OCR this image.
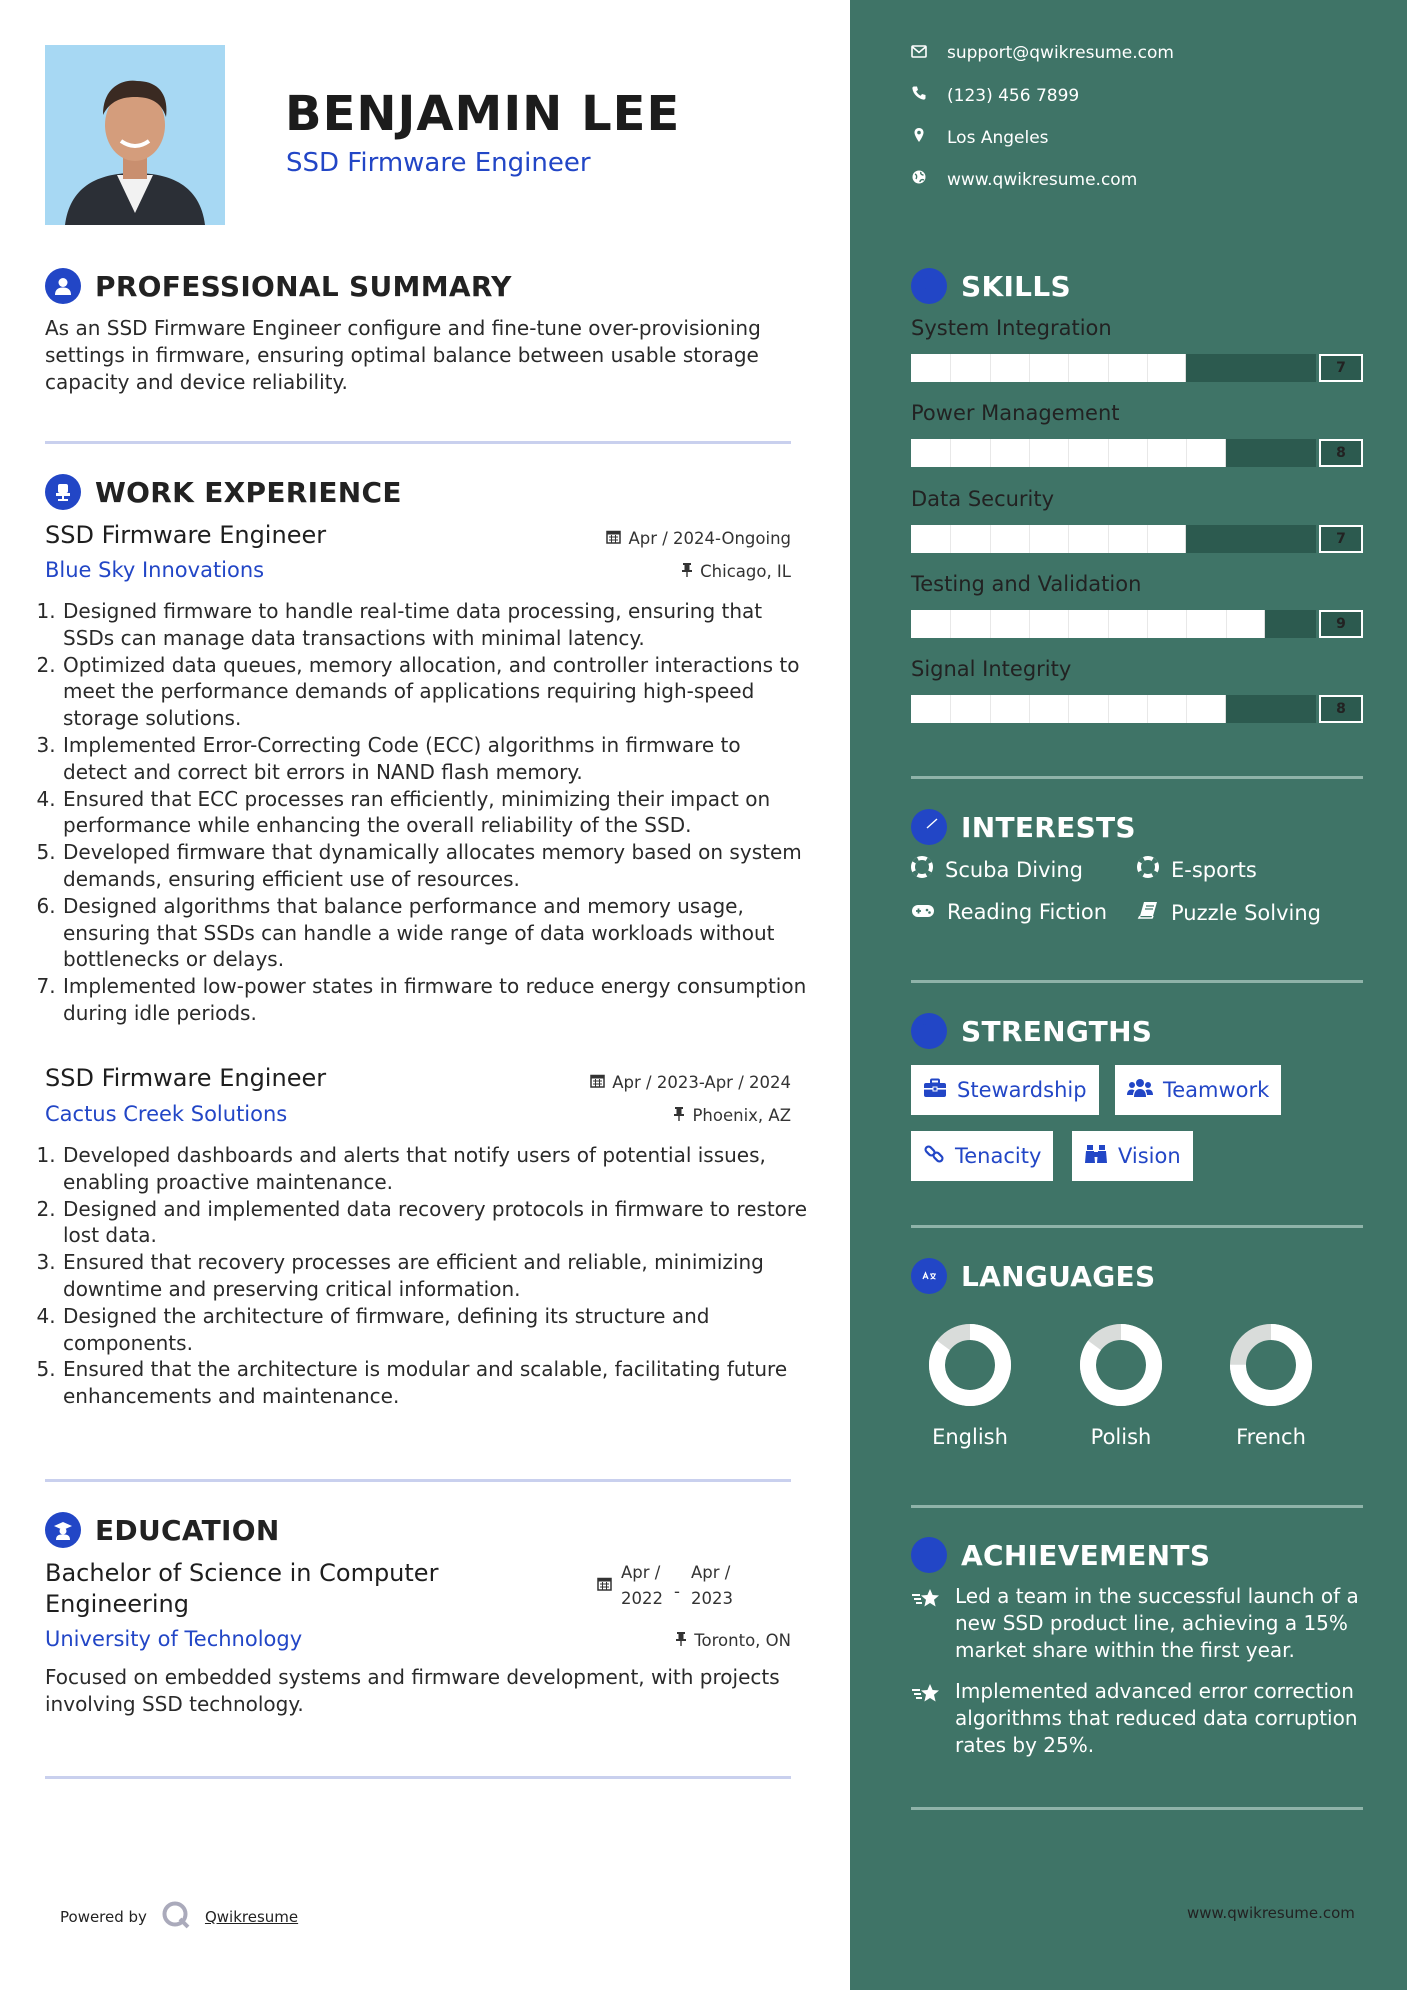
BENJAMIN LEE
SSD Firmware Engineer
PROFESSIONAL SUMMARY
As an SSD Firmware Engineer configure and fine-tune over-provisioning settings in firmware, ensuring optimal balance between usable storage capacity and device reliability.
WORK EXPERIENCE
SSD Firmware Engineer	Apr / 2024-Ongoing
Blue Sky Innovations	Chicago, IL
1. Designed firmware to handle real-time data processing, ensuring that SSDs can manage data transactions with minimal latency.
2. Optimized data queues, memory allocation, and controller interactions to meet the performance demands of applications requiring high-speed storage solutions.
3. Implemented Error-Correcting Code (ECC) algorithms in firmware to detect and correct bit errors in NAND flash memory.
4. Ensured that ECC processes ran efficiently, minimizing their impact on performance while enhancing the overall reliability of the SSD.
5. Developed firmware that dynamically allocates memory based on system demands, ensuring efficient use of resources.
6. Designed algorithms that balance performance and memory usage, ensuring that SSDs can handle a wide range of data workloads without bottlenecks or delays.
7. Implemented low-power states in firmware to reduce energy consumption during idle periods.
SSD Firmware Engineer	Apr / 2023-Apr / 2024
Cactus Creek Solutions	Phoenix, AZ
1. Developed dashboards and alerts that notify users of potential issues, enabling proactive maintenance.
2. Designed and implemented data recovery protocols in firmware to restore lost data.
3. Ensured that recovery processes are efficient and reliable, minimizing downtime and preserving critical information.
4. Designed the architecture of firmware, defining its structure and components.
5. Ensured that the architecture is modular and scalable, facilitating future enhancements and maintenance.
EDUCATION
Bachelor of Science in Computer
Engineering
Apr /
2022 -
Apr /
2023
University of Technology	Toronto, ON
Focused on embedded systems and firmware development, with projects involving SSD technology.
Powered by	Qwikresume
support@qwikresume.com
(123) 456 7899
Los Angeles
www.qwikresume.com
SKILLS
System Integration
7
Power Management
8
Data Security
7
Testing and Validation
9
Signal Integrity
8
INTERESTS
Scuba Diving	E-sports
Reading Fiction	Puzzle Solving
STRENGTHS
Stewardship	Teamwork
Tenacity	Vision
LANGUAGES
English	Polish	French
ACHIEVEMENTS
Led a team in the successful launch of a new SSD product line, achieving a 15% market share within the first year.
Implemented advanced error correction algorithms that reduced data corruption rates by 25%.
www.qwikresume.com
